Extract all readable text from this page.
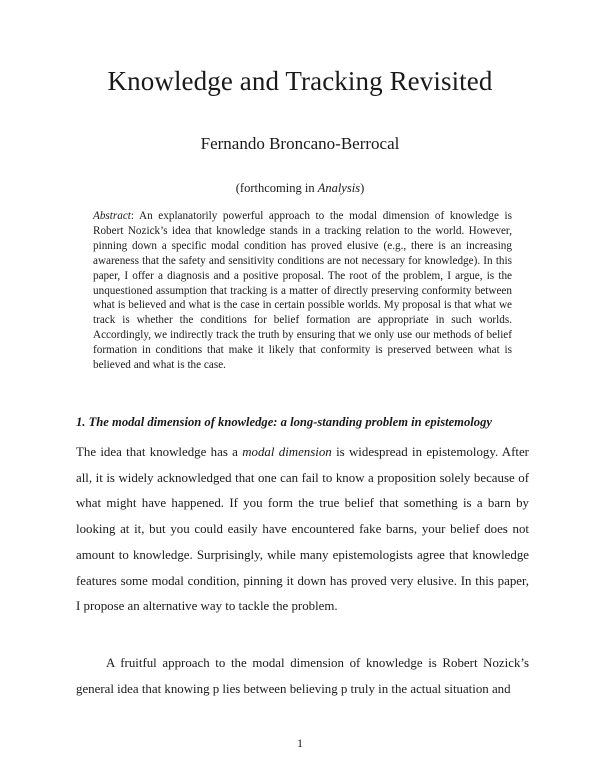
Knowledge and Tracking Revisited

Fernando Broncano-Berrocal

(forthcoming in Analysis)

Abstract: An explanatorily powerful approach to the modal dimension of knowledge is Robert Nozick’s idea that knowledge stands in a tracking relation to the world. However, pinning down a specific modal condition has proved elusive (e.g., there is an increasing awareness that the safety and sensitivity conditions are not necessary for knowledge). In this paper, I offer a diagnosis and a positive proposal. The root of the problem, I argue, is the unquestioned assumption that tracking is a matter of directly preserving conformity between what is believed and what is the case in certain possible worlds. My proposal is that what we track is whether the conditions for belief formation are appropriate in such worlds. Accordingly, we indirectly track the truth by ensuring that we only use our methods of belief formation in conditions that make it likely that conformity is preserved between what is believed and what is the case.

1. The modal dimension of knowledge: a long-standing problem in epistemology

The idea that knowledge has a modal dimension is widespread in epistemology. After all, it is widely acknowledged that one can fail to know a proposition solely because of what might have happened. If you form the true belief that something is a barn by looking at it, but you could easily have encountered fake barns, your belief does not amount to knowledge. Surprisingly, while many epistemologists agree that knowledge features some modal condition, pinning it down has proved very elusive. In this paper, I propose an alternative way to tackle the problem.

A fruitful approach to the modal dimension of knowledge is Robert Nozick’s general idea that knowing p lies between believing p truly in the actual situation and

1
